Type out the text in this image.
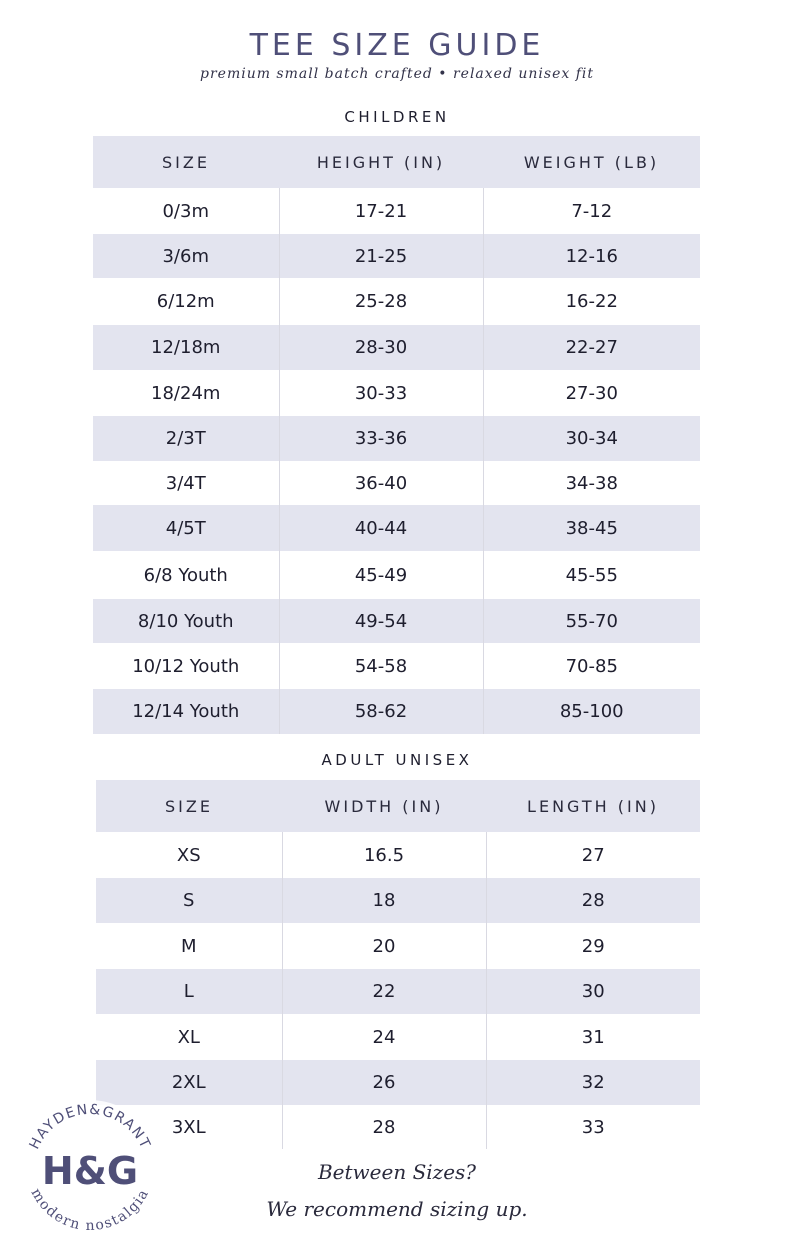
TEE SIZE GUIDE
premium small batch crafted • relaxed unisex fit
CHILDREN
SIZE	HEIGHT (IN)	WEIGHT (LB)
0/3m	17-21	7-12
3/6m	21-25	12-16
6/12m	25-28	16-22
12/18m	28-30	22-27
18/24m	30-33	27-30
2/3T	33-36	30-34
3/4T	36-40	34-38
4/5T	40-44	38-45
6/8 Youth	45-49	45-55
8/10 Youth	49-54	55-70
10/12 Youth	54-58	70-85
12/14 Youth	58-62	85-100
ADULT UNISEX
SIZE	WIDTH (IN)	LENGTH (IN)
XS	16.5	27
S	18	28
M	20	29
L	22	30
XL	24	31
2XL	26	32
3XL	28	33
Between Sizes?
We recommend sizing up.
HAYDEN&GRANT
H&G
modern nostalgia
